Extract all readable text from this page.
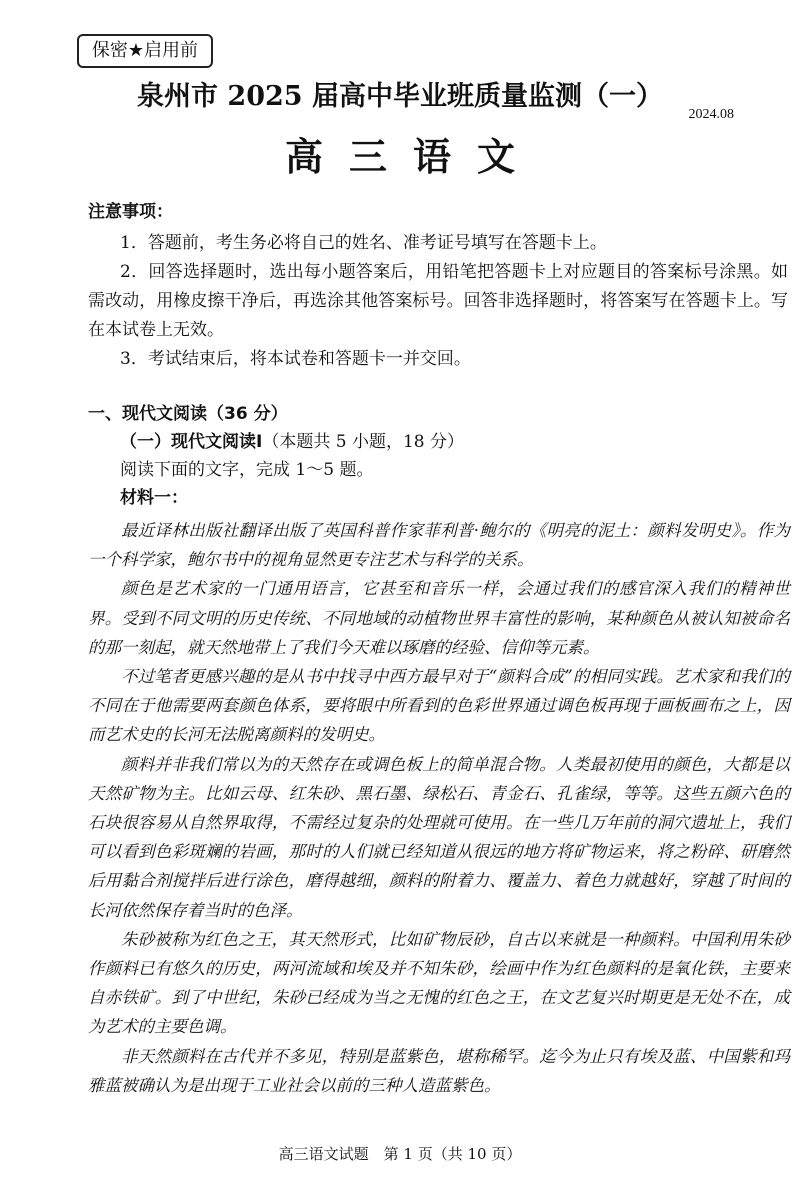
保密★启用前
泉州市 2025 届高中毕业班质量监测（一）
2024.08
高三语文
注意事项：
1．答题前，考生务必将自己的姓名、准考证号填写在答题卡上。
2．回答选择题时，选出每小题答案后，用铅笔把答题卡上对应题目的答案标号涂黑。如需改动，用橡皮擦干净后，再选涂其他答案标号。回答非选择题时，将答案写在答题卡上。写在本试卷上无效。
3．考试结束后，将本试卷和答题卡一并交回。
一、现代文阅读（36 分）
（一）现代文阅读Ⅰ（本题共 5 小题，18 分）
阅读下面的文字，完成 1～5 题。
材料一：

最近译林出版社翻译出版了英国科普作家菲利普·鲍尔的《明亮的泥土：颜料发明史》。作为一个科学家，鲍尔书中的视角显然更专注艺术与科学的关系。

颜色是艺术家的一门通用语言，它甚至和音乐一样，会通过我们的感官深入我们的精神世界。受到不同文明的历史传统、不同地域的动植物世界丰富性的影响，某种颜色从被认知被命名的那一刻起，就天然地带上了我们今天难以琢磨的经验、信仰等元素。

不过笔者更感兴趣的是从书中找寻中西方最早对于“颜料合成”的相同实践。艺术家和我们的不同在于他需要两套颜色体系，要将眼中所看到的色彩世界通过调色板再现于画板画布之上，因而艺术史的长河无法脱离颜料的发明史。

颜料并非我们常以为的天然存在或调色板上的简单混合物。人类最初使用的颜色，大都是以天然矿物为主。比如云母、红朱砂、黑石墨、绿松石、青金石、孔雀绿，等等。这些五颜六色的石块很容易从自然界取得，不需经过复杂的处理就可使用。在一些几万年前的洞穴遗址上，我们可以看到色彩斑斓的岩画，那时的人们就已经知道从很远的地方将矿物运来，将之粉碎、研磨然后用黏合剂搅拌后进行涂色，磨得越细，颜料的附着力、覆盖力、着色力就越好，穿越了时间的长河依然保存着当时的色泽。

朱砂被称为红色之王，其天然形式，比如矿物辰砂，自古以来就是一种颜料。中国利用朱砂作颜料已有悠久的历史，两河流域和埃及并不知朱砂，绘画中作为红色颜料的是氧化铁，主要来自赤铁矿。到了中世纪，朱砂已经成为当之无愧的红色之王，在文艺复兴时期更是无处不在，成为艺术的主要色调。

非天然颜料在古代并不多见，特别是蓝紫色，堪称稀罕。迄今为止只有埃及蓝、中国紫和玛雅蓝被确认为是出现于工业社会以前的三种人造蓝紫色。

高三语文试题　第 1 页（共 10 页）
